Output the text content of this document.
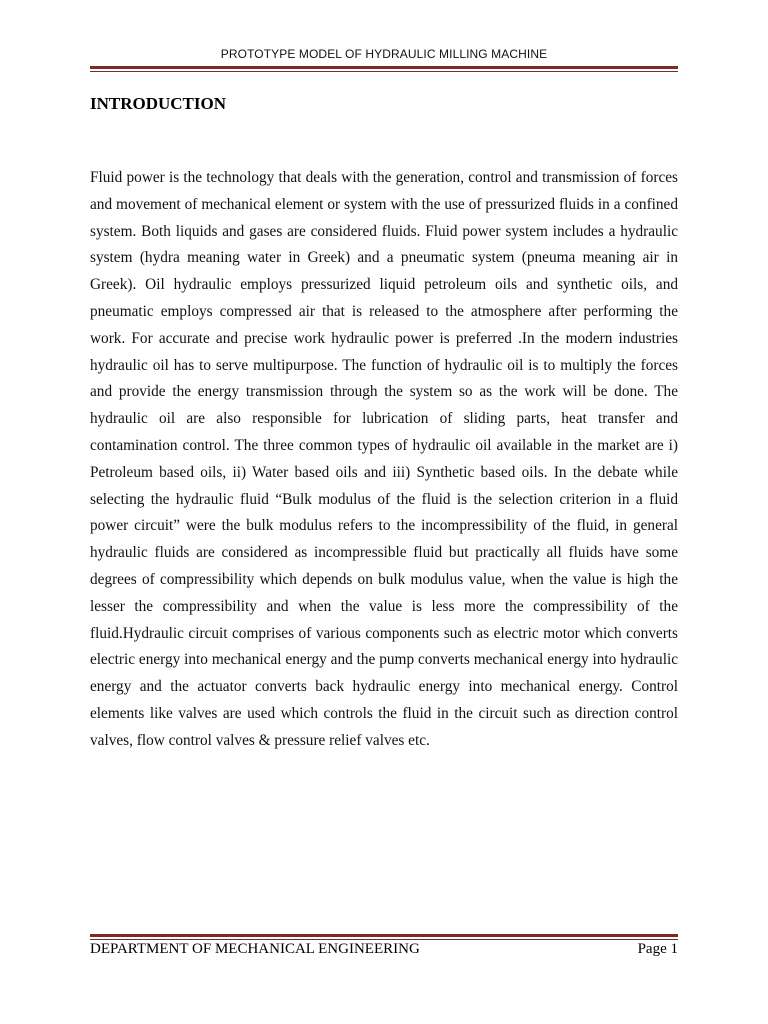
PROTOTYPE MODEL OF HYDRAULIC MILLING MACHINE
INTRODUCTION

Fluid power is the technology that deals with the generation, control and transmission of forces and movement of mechanical element or system with the use of pressurized fluids in a confined system. Both liquids and gases are considered fluids. Fluid power system includes a hydraulic system (hydra meaning water in Greek) and a pneumatic system (pneuma meaning air in Greek). Oil hydraulic employs pressurized liquid petroleum oils and synthetic oils, and pneumatic employs compressed air that is released to the atmosphere after performing the work. For accurate and precise work hydraulic power is preferred .In the modern industries hydraulic oil has to serve multipurpose. The function of hydraulic oil is to multiply the forces and provide the energy transmission through the system so as the work will be done. The hydraulic oil are also responsible for lubrication of sliding parts, heat transfer and contamination control. The three common types of hydraulic oil available in the market are i) Petroleum based oils, ii) Water based oils and iii) Synthetic based oils. In the debate while selecting the hydraulic fluid “Bulk modulus of the fluid is the selection criterion in a fluid power circuit” were the bulk modulus refers to the incompressibility of the fluid, in general hydraulic fluids are considered as incompressible fluid but practically all fluids have some degrees of compressibility which depends on bulk modulus value, when the value is high the lesser the compressibility and when the value is less more the compressibility of the fluid.Hydraulic circuit comprises of various components such as electric motor which converts electric energy into mechanical energy and the pump converts mechanical energy into hydraulic energy and the actuator converts back hydraulic energy into mechanical energy. Control elements like valves are used which controls the fluid in the circuit such as direction control valves, flow control valves & pressure relief valves etc.

DEPARTMENT OF MECHANICAL ENGINEERING	Page 1
